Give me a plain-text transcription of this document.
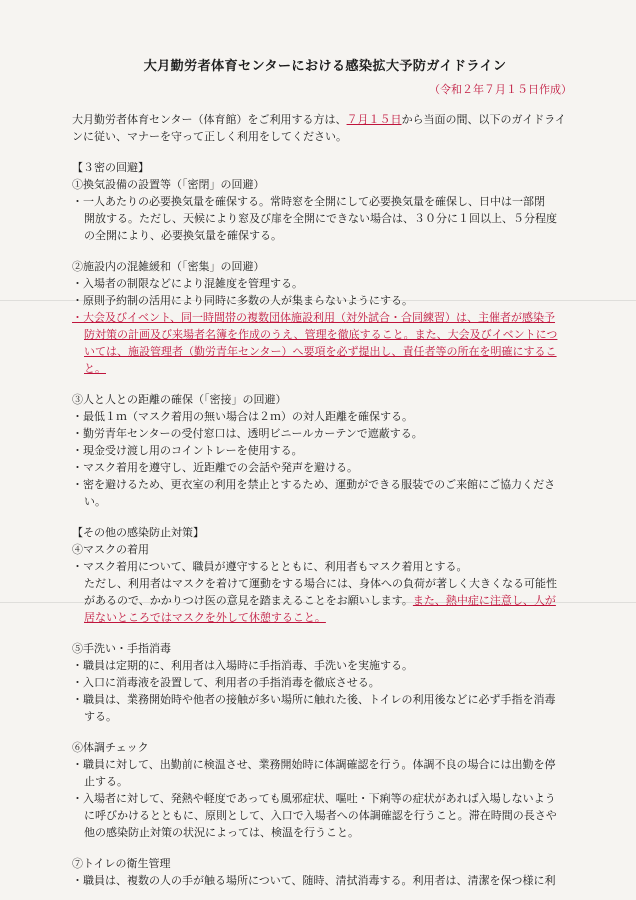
大月勤労者体育センターにおける感染拡大予防ガイドライン
（令和２年７月１５日作成）

大月勤労者体育センター（体育館）をご利用する方は、７月１５日から当面の間、以下のガイドラインに従い、マナーを守って正しく利用をしてください。

【３密の回避】
①換気設備の設置等（「密閉」の回避）
・一人あたりの必要換気量を確保する。常時窓を全開にして必要換気量を確保し、日中は一部閉
開放する。ただし、天候により窓及び扉を全開にできない場合は、３０分に１回以上、５分程度
の全開により、必要換気量を確保する。
②施設内の混雑緩和（「密集」の回避）
・入場者の制限などにより混雑度を管理する。
・原則予約制の活用により同時に多数の人が集まらないようにする。
・大会及びイベント、同一時間帯の複数団体施設利用（対外試合・合同練習）は、主催者が感染予
防対策の計画及び来場者名簿を作成のうえ、管理を徹底すること。また、大会及びイベントにつ
いては、施設管理者（勤労青年センター）へ要項を必ず提出し、責任者等の所在を明確にするこ
と。
③人と人との距離の確保（「密接」の回避）
・最低１ｍ（マスク着用の無い場合は２ｍ）の対人距離を確保する。
・勤労青年センターの受付窓口は、透明ビニールカーテンで遮蔽する。
・現金受け渡し用のコイントレーを使用する。
・マスク着用を遵守し、近距離での会話や発声を避ける。
・密を避けるため、更衣室の利用を禁止とするため、運動ができる服装でのご来館にご協力くださ
い。
【その他の感染防止対策】
④マスクの着用
・マスク着用について、職員が遵守するとともに、利用者もマスク着用とする。
ただし、利用者はマスクを着けて運動をする場合には、身体への負荷が著しく大きくなる可能性
があるので、かかりつけ医の意見を踏まえることをお願いします。また、熱中症に注意し、人が
居ないところではマスクを外して休憩すること。
⑤手洗い・手指消毒
・職員は定期的に、利用者は入場時に手指消毒、手洗いを実施する。
・入口に消毒液を設置して、利用者の手指消毒を徹底させる。
・職員は、業務開始時や他者の接触が多い場所に触れた後、トイレの利用後などに必ず手指を消毒
する。
⑥体調チェック
・職員に対して、出勤前に検温させ、業務開始時に体調確認を行う。体調不良の場合には出勤を停
止する。
・入場者に対して、発熱や軽度であっても風邪症状、嘔吐・下痢等の症状があれば入場しないよう
に呼びかけるとともに、原則として、入口で入場者への体調確認を行うこと。滞在時間の長さや
他の感染防止対策の状況によっては、検温を行うこと。
⑦トイレの衛生管理
・職員は、複数の人の手が触る場所について、随時、清拭消毒する。利用者は、清潔を保つ様に利
